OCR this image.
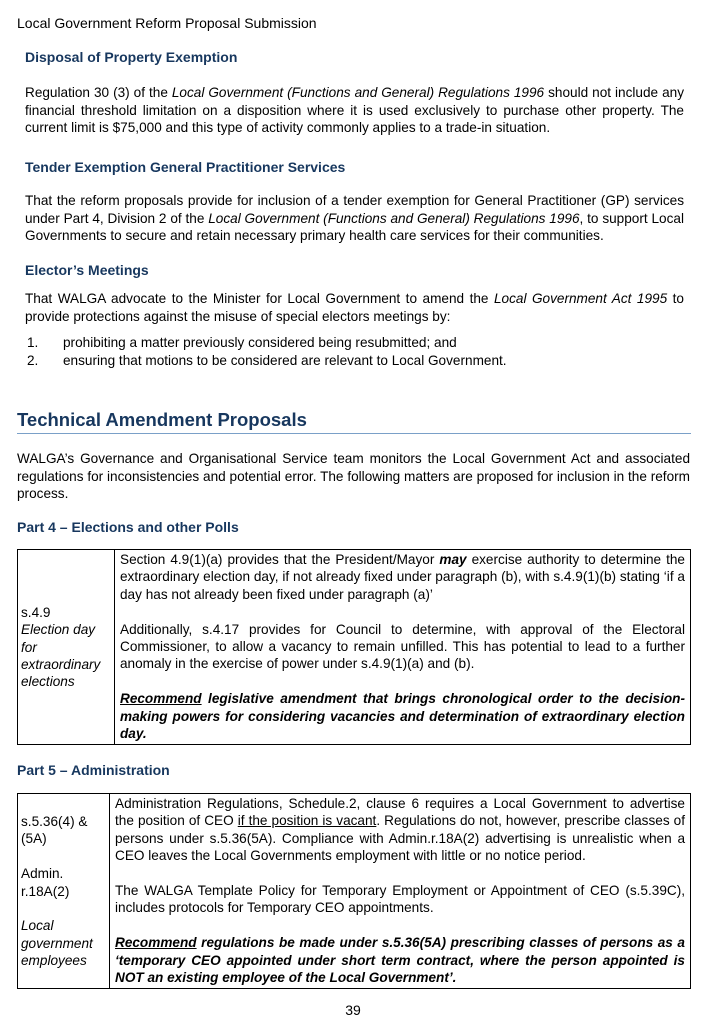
Local Government Reform Proposal Submission
Disposal of Property Exemption
Regulation 30 (3) of the Local Government (Functions and General) Regulations 1996 should not include any financial threshold limitation on a disposition where it is used exclusively to purchase other property. The current limit is $75,000 and this type of activity commonly applies to a trade-in situation.
Tender Exemption General Practitioner Services
That the reform proposals provide for inclusion of a tender exemption for General Practitioner (GP) services under Part 4, Division 2 of the Local Government (Functions and General) Regulations 1996, to support Local Governments to secure and retain necessary primary health care services for their communities.
Elector’s Meetings
That WALGA advocate to the Minister for Local Government to amend the Local Government Act 1995 to provide protections against the misuse of special electors meetings by:
1.	prohibiting a matter previously considered being resubmitted; and
2.	ensuring that motions to be considered are relevant to Local Government.
Technical Amendment Proposals
WALGA’s Governance and Organisational Service team monitors the Local Government Act and associated regulations for inconsistencies and potential error. The following matters are proposed for inclusion in the reform process.
Part 4 – Elections and other Polls
s.4.9
Election day for extraordinary elections

Section 4.9(1)(a) provides that the President/Mayor may exercise authority to determine the extraordinary election day, if not already fixed under paragraph (b), with s.4.9(1)(b) stating ‘if a day has not already been fixed under paragraph (a)’
Additionally, s.4.17 provides for Council to determine, with approval of the Electoral Commissioner, to allow a vacancy to remain unfilled. This has potential to lead to a further anomaly in the exercise of power under s.4.9(1)(a) and (b).
Recommend legislative amendment that brings chronological order to the decision-making powers for considering vacancies and determination of extraordinary election day.
Part 5 – Administration
s.5.36(4) & (5A)
Admin. r.18A(2)
Local government employees

Administration Regulations, Schedule.2, clause 6 requires a Local Government to advertise the position of CEO if the position is vacant. Regulations do not, however, prescribe classes of persons under s.5.36(5A). Compliance with Admin.r.18A(2) advertising is unrealistic when a CEO leaves the Local Governments employment with little or no notice period.
The WALGA Template Policy for Temporary Employment or Appointment of CEO (s.5.39C), includes protocols for Temporary CEO appointments.
Recommend regulations be made under s.5.36(5A) prescribing classes of persons as a ‘temporary CEO appointed under short term contract, where the person appointed is NOT an existing employee of the Local Government’.
39
